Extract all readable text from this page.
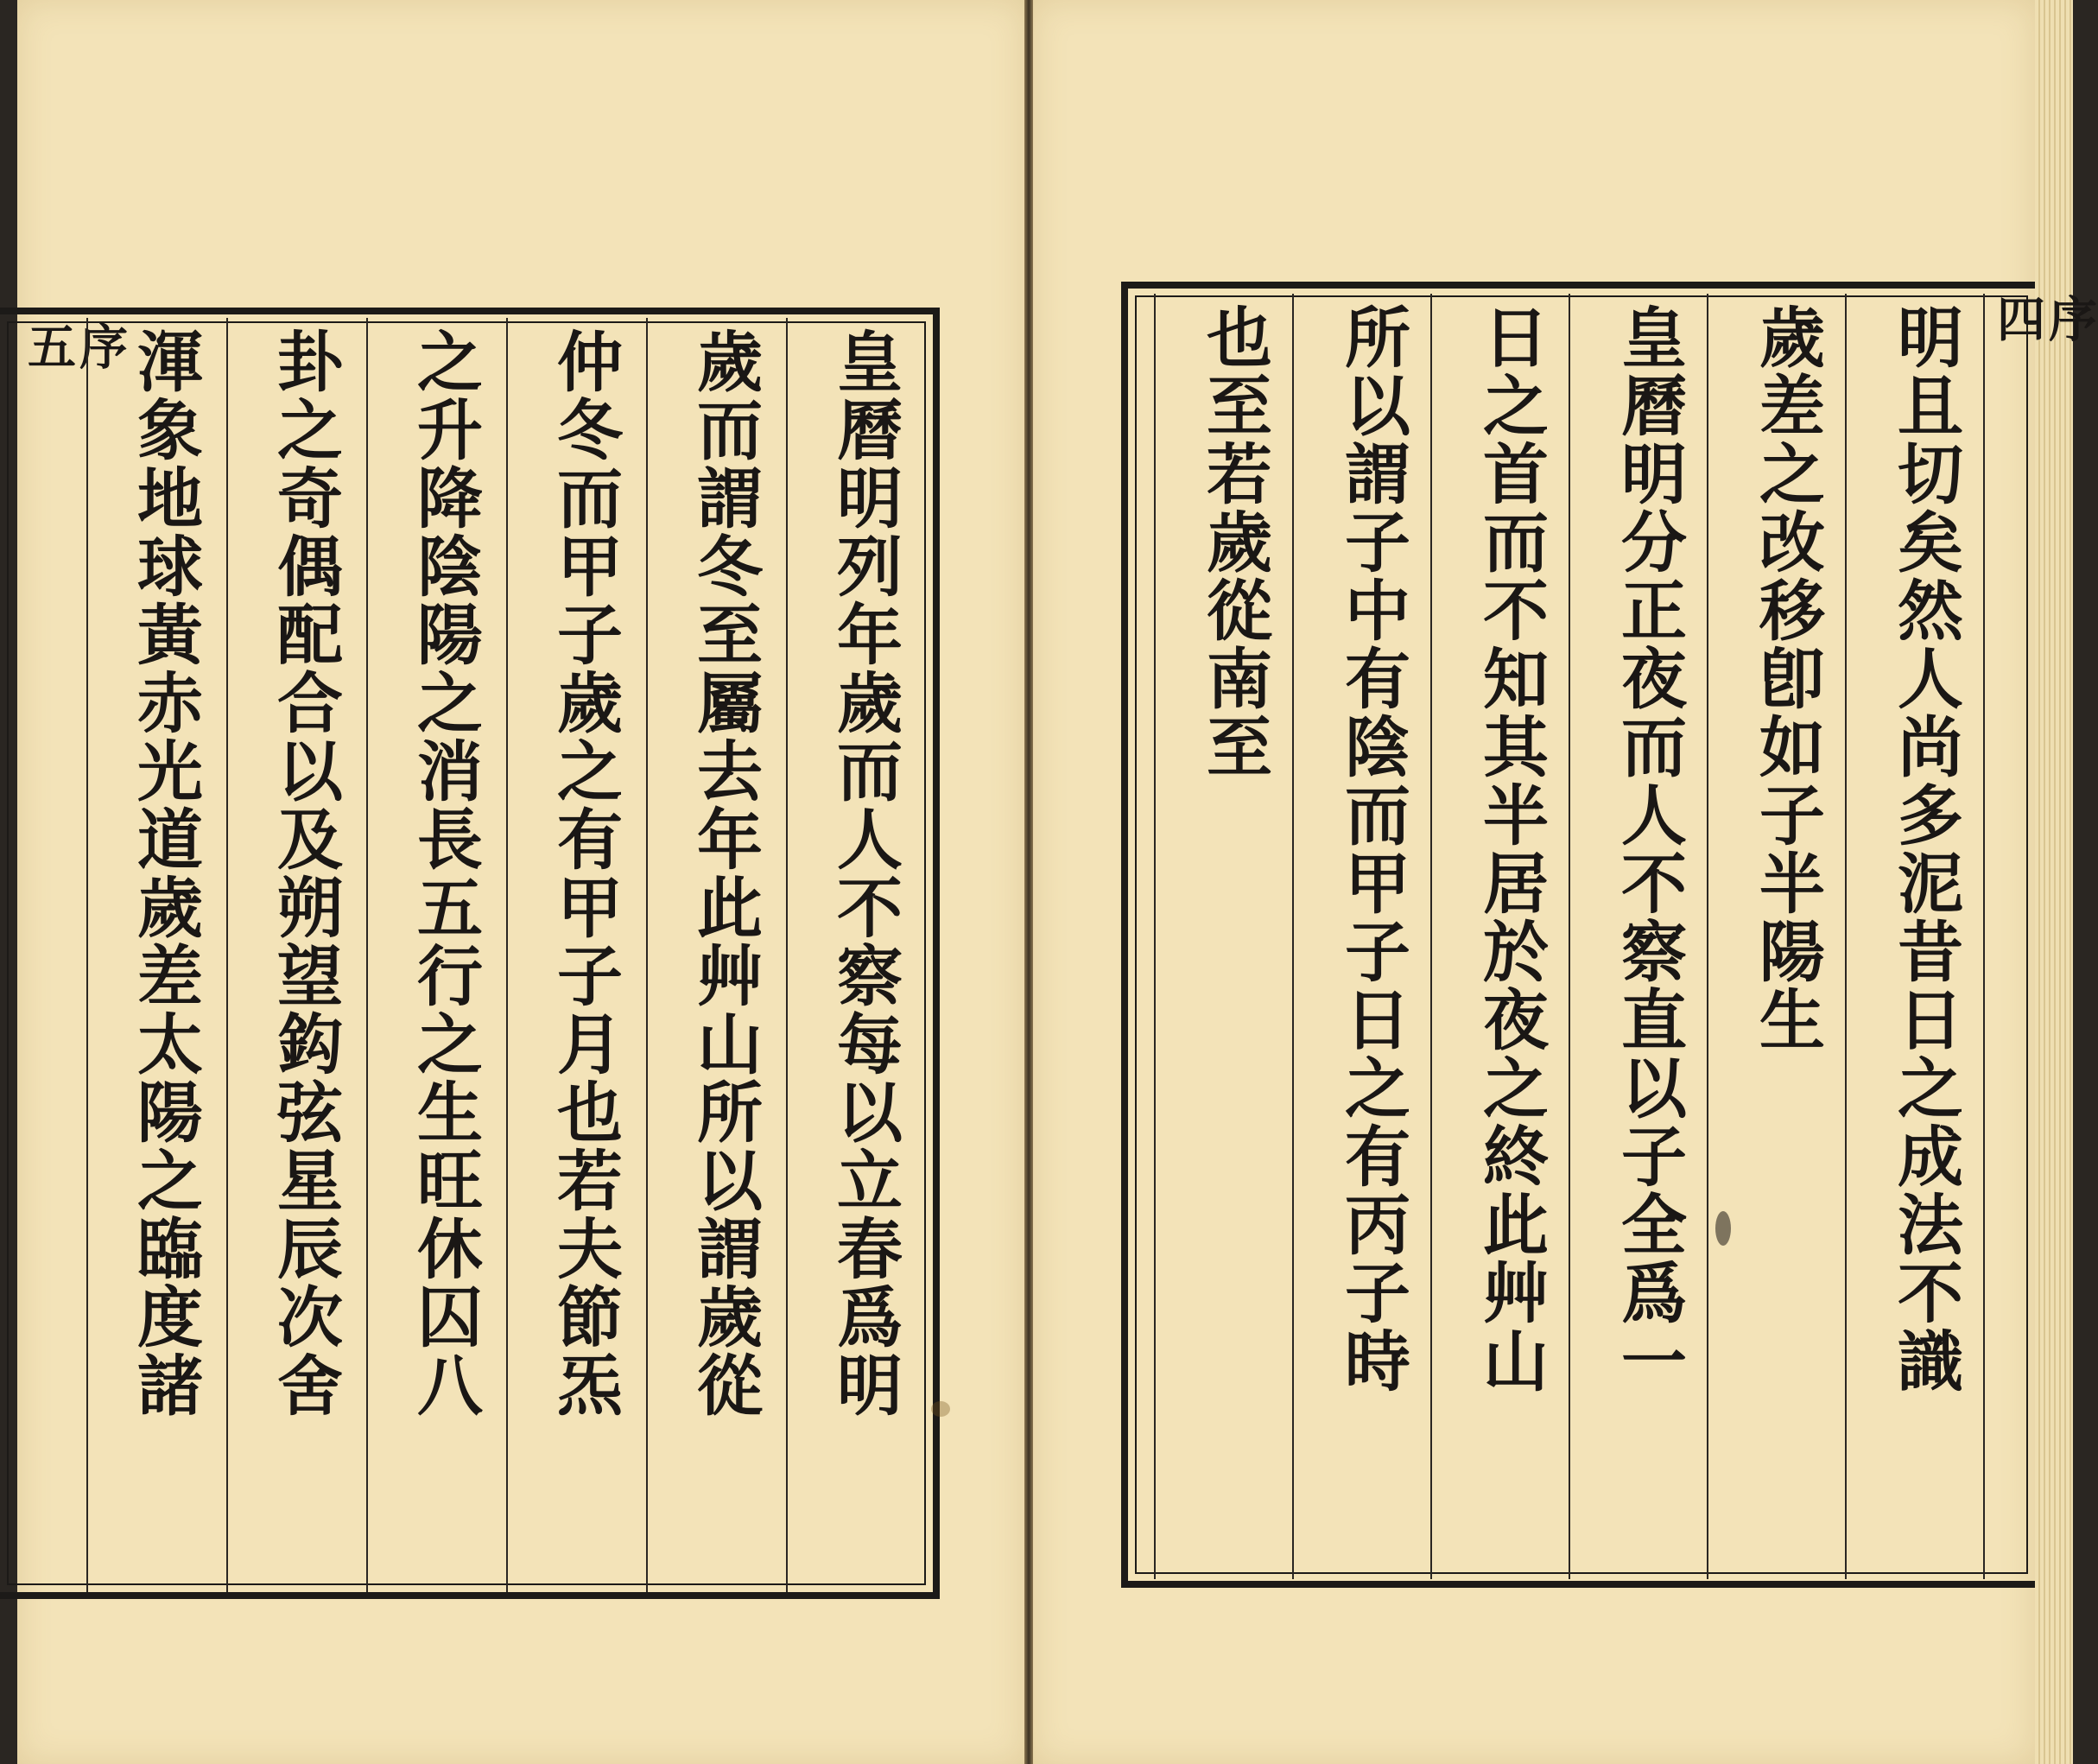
序五	皇
曆
明
列
年
歲
而
人
不
察
每
以
立
春
爲
明
歲
而
謂
冬
至
屬
去
年
此
艸
山
所
以
謂
歲
從
仲
冬
而
甲
子
歲
之
有
甲
子
月
也
若
夫
節
炁
之
升
降
陰
陽
之
消
長
五
行
之
生
旺
休
囚
八
卦
之
奇
偶
配
合
以
及
朔
望
鈎
弦
星
辰
次
舍
渾
象
地
球
黃
赤
光
道
歲
差
太
陽
之
臨
度
諸
序四
明
且
切
矣
然
人
尚
多
泥
昔
日
之
成
法
不
識
歲
差
之
改
移
卽
如
子
半
陽
生
皇
曆
明
分
正
夜
而
人
不
察
直
以
子
全
爲
一
日
之
首
而
不
知
其
半
居
於
夜
之
終
此
艸
山
所
以
謂
子
中
有
陰
而
甲
子
日
之
有
丙
子
時
也
至
若
歲
從
南
至
